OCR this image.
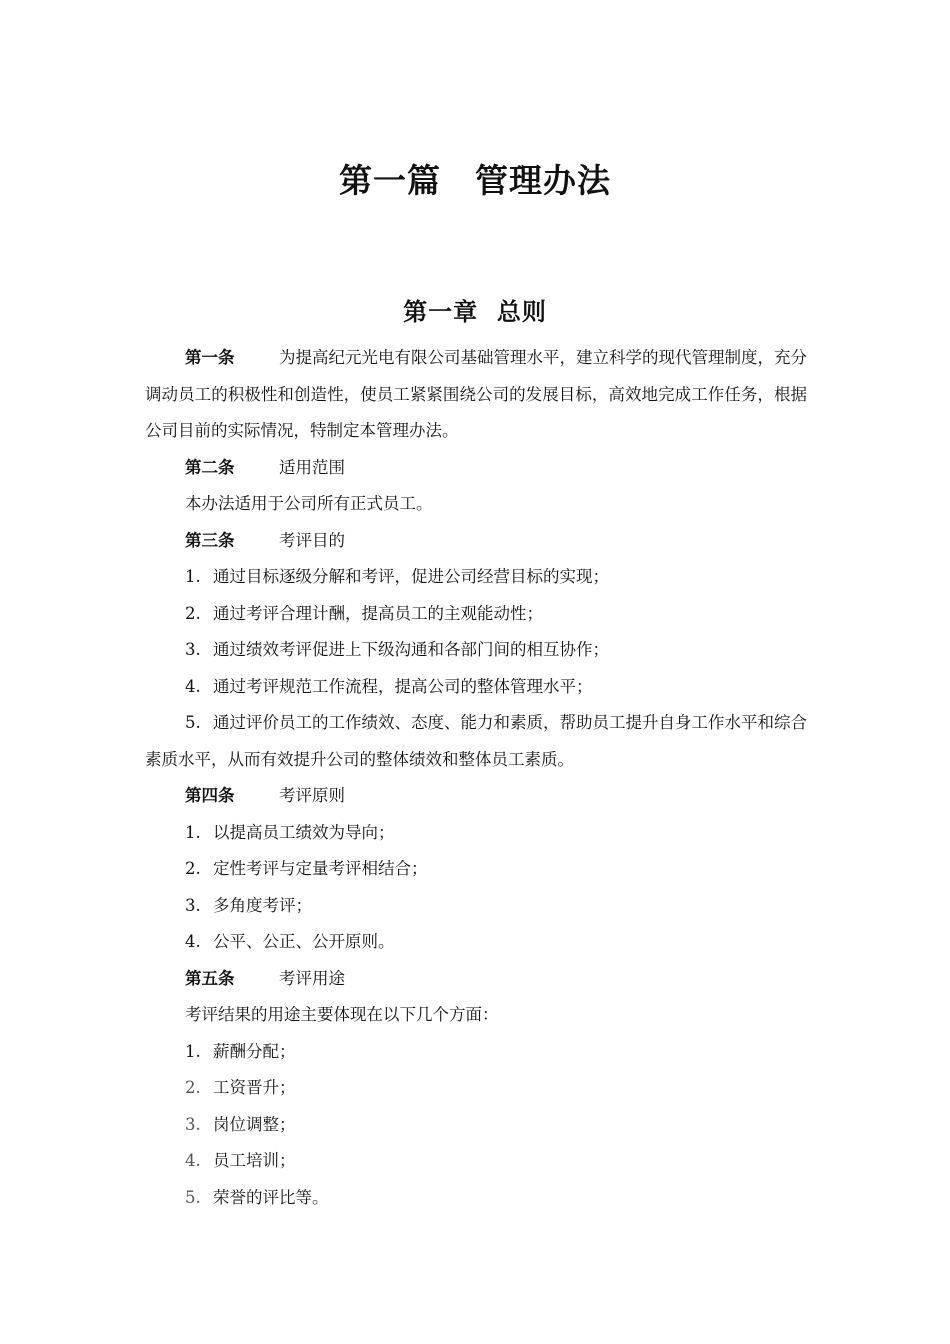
第一篇　管理办法
第一章  总则

第一条	为提高纪元光电有限公司基础管理水平，建立科学的现代管理制度，充分调动员工的积极性和创造性，使员工紧紧围绕公司的发展目标，高效地完成工作任务，根据公司目前的实际情况，特制定本管理办法。

第二条	适用范围

本办法适用于公司所有正式员工。

第三条	考评目的

1. 通过目标逐级分解和考评，促进公司经营目标的实现；

2. 通过考评合理计酬，提高员工的主观能动性；

3. 通过绩效考评促进上下级沟通和各部门间的相互协作；

4. 通过考评规范工作流程，提高公司的整体管理水平；

5. 通过评价员工的工作绩效、态度、能力和素质，帮助员工提升自身工作水平和综合素质水平，从而有效提升公司的整体绩效和整体员工素质。

第四条	考评原则

1. 以提高员工绩效为导向；

2. 定性考评与定量考评相结合；

3. 多角度考评；

4. 公平、公正、公开原则。

第五条	考评用途

考评结果的用途主要体现在以下几个方面：

1. 薪酬分配；

2. 工资晋升；

3. 岗位调整；

4. 员工培训；

5. 荣誉的评比等。
